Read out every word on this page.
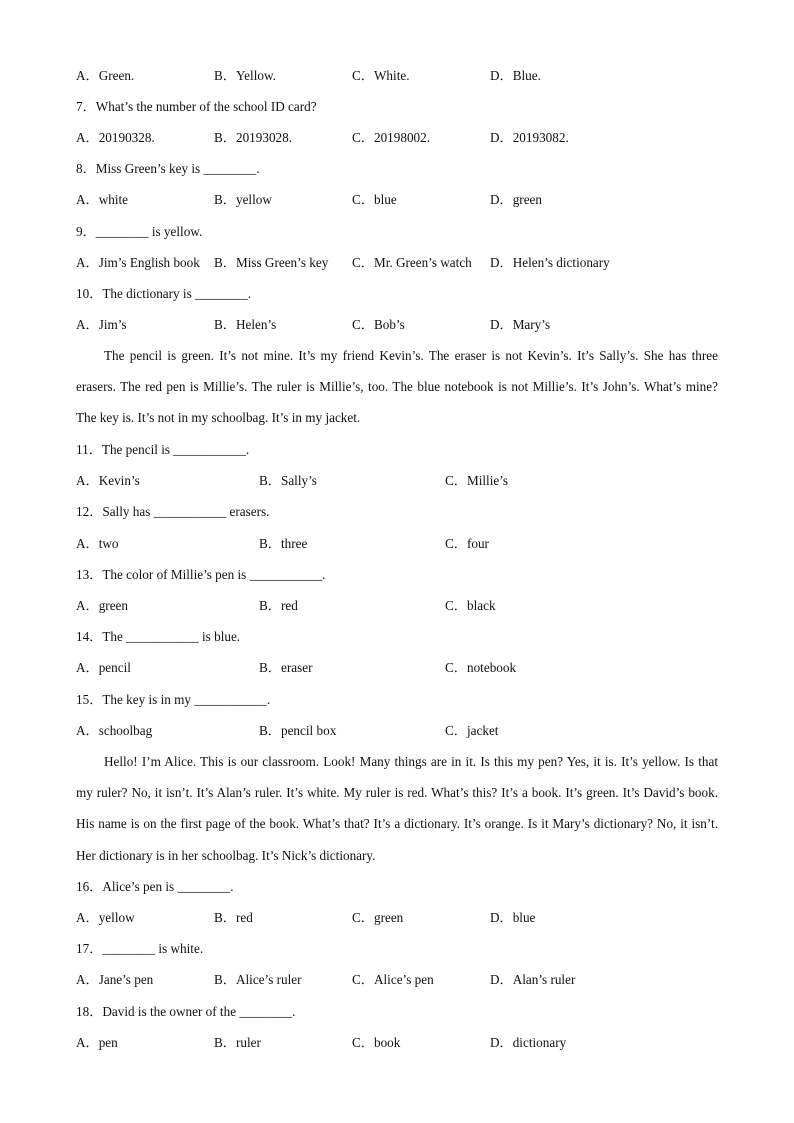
A．Green.	B．Yellow.	C．White.	D．Blue.
7．What’s the number of the school ID card?
A．20190328.	B．20193028.	C．20198002.	D．20193082.
8．Miss Green’s key is ________.
A．white	B．yellow	C．blue	D．green
9．________ is yellow.
A．Jim’s English book B．Miss Green’s key C．Mr. Green’s watch D．Helen’s dictionary
10．The dictionary is ________.
A．Jim’s	B．Helen’s	C．Bob’s	D．Mary’s
The pencil is green. It’s not mine. It’s my friend Kevin’s. The eraser is not Kevin’s. It’s Sally’s. She has three erasers. The red pen is Millie’s. The ruler is Millie’s, too. The blue notebook is not Millie’s. It’s John’s. What’s mine? The key is. It’s not in my schoolbag. It’s in my jacket.
11．The pencil is ___________.
A．Kevin’s	B．Sally’s	C．Millie’s
12．Sally has ___________ erasers.
A．two	B．three	C．four
13．The color of Millie’s pen is ___________.
A．green	B．red	C．black
14．The ___________ is blue.
A．pencil	B．eraser	C．notebook
15．The key is in my ___________.
A．schoolbag	B．pencil box	C．jacket
Hello! I’m Alice. This is our classroom. Look! Many things are in it. Is this my pen? Yes, it is. It’s yellow. Is that my ruler? No, it isn’t. It’s Alan’s ruler. It’s white. My ruler is red. What’s this? It’s a book. It’s green. It’s David’s book. His name is on the first page of the book. What’s that? It’s a dictionary. It’s orange. Is it Mary’s dictionary? No, it isn’t. Her dictionary is in her schoolbag. It’s Nick’s dictionary.
16．Alice’s pen is ________.
A．yellow	B．red	C．green	D．blue
17．________ is white.
A．Jane’s pen	B．Alice’s ruler	C．Alice’s pen	D．Alan’s ruler
18．David is the owner of the ________.
A．pen	B．ruler	C．book	D．dictionary
